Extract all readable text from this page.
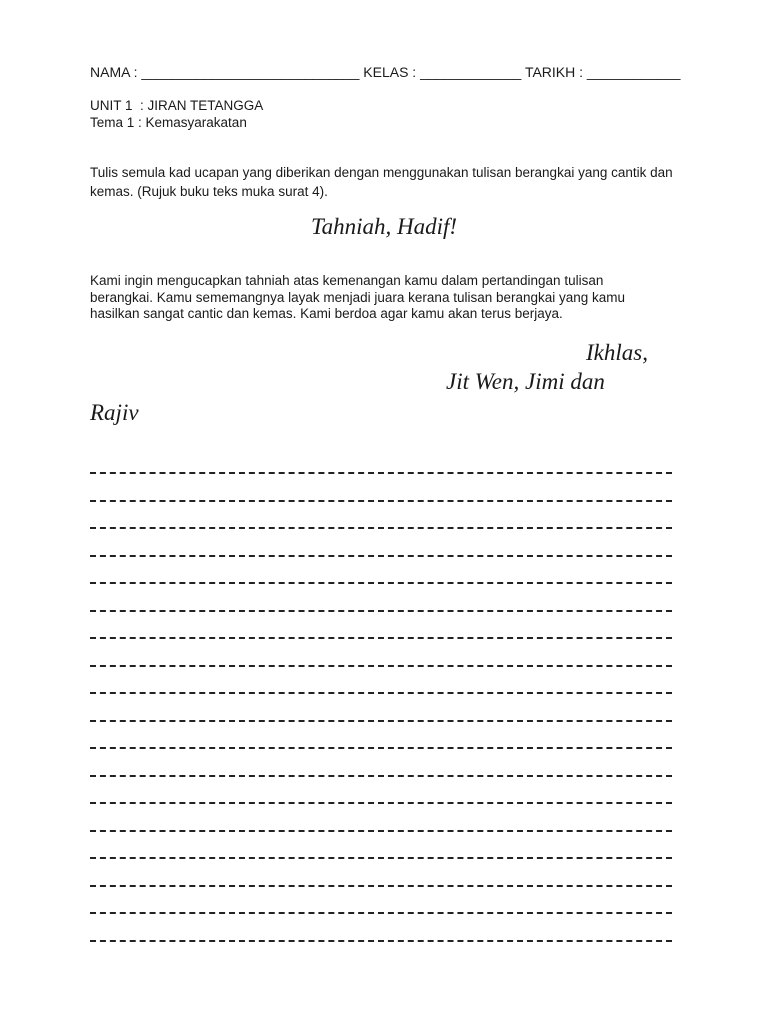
NAMA : ____________________________ KELAS : _____________ TARIKH : ____________
UNIT 1  : JIRAN TETANGGA
Tema 1 : Kemasyarakatan
Tulis semula kad ucapan yang diberikan dengan menggunakan tulisan berangkai yang cantik dan kemas. (Rujuk buku teks muka surat 4).
Tahniah, Hadif!
Kami ingin mengucapkan tahniah atas kemenangan kamu dalam pertandingan tulisan berangkai. Kamu sememangnya layak menjadi juara kerana tulisan berangkai yang kamu hasilkan sangat cantic dan kemas. Kami berdoa agar kamu akan terus berjaya.
Ikhlas,
Jit Wen, Jimi dan
Rajiv
